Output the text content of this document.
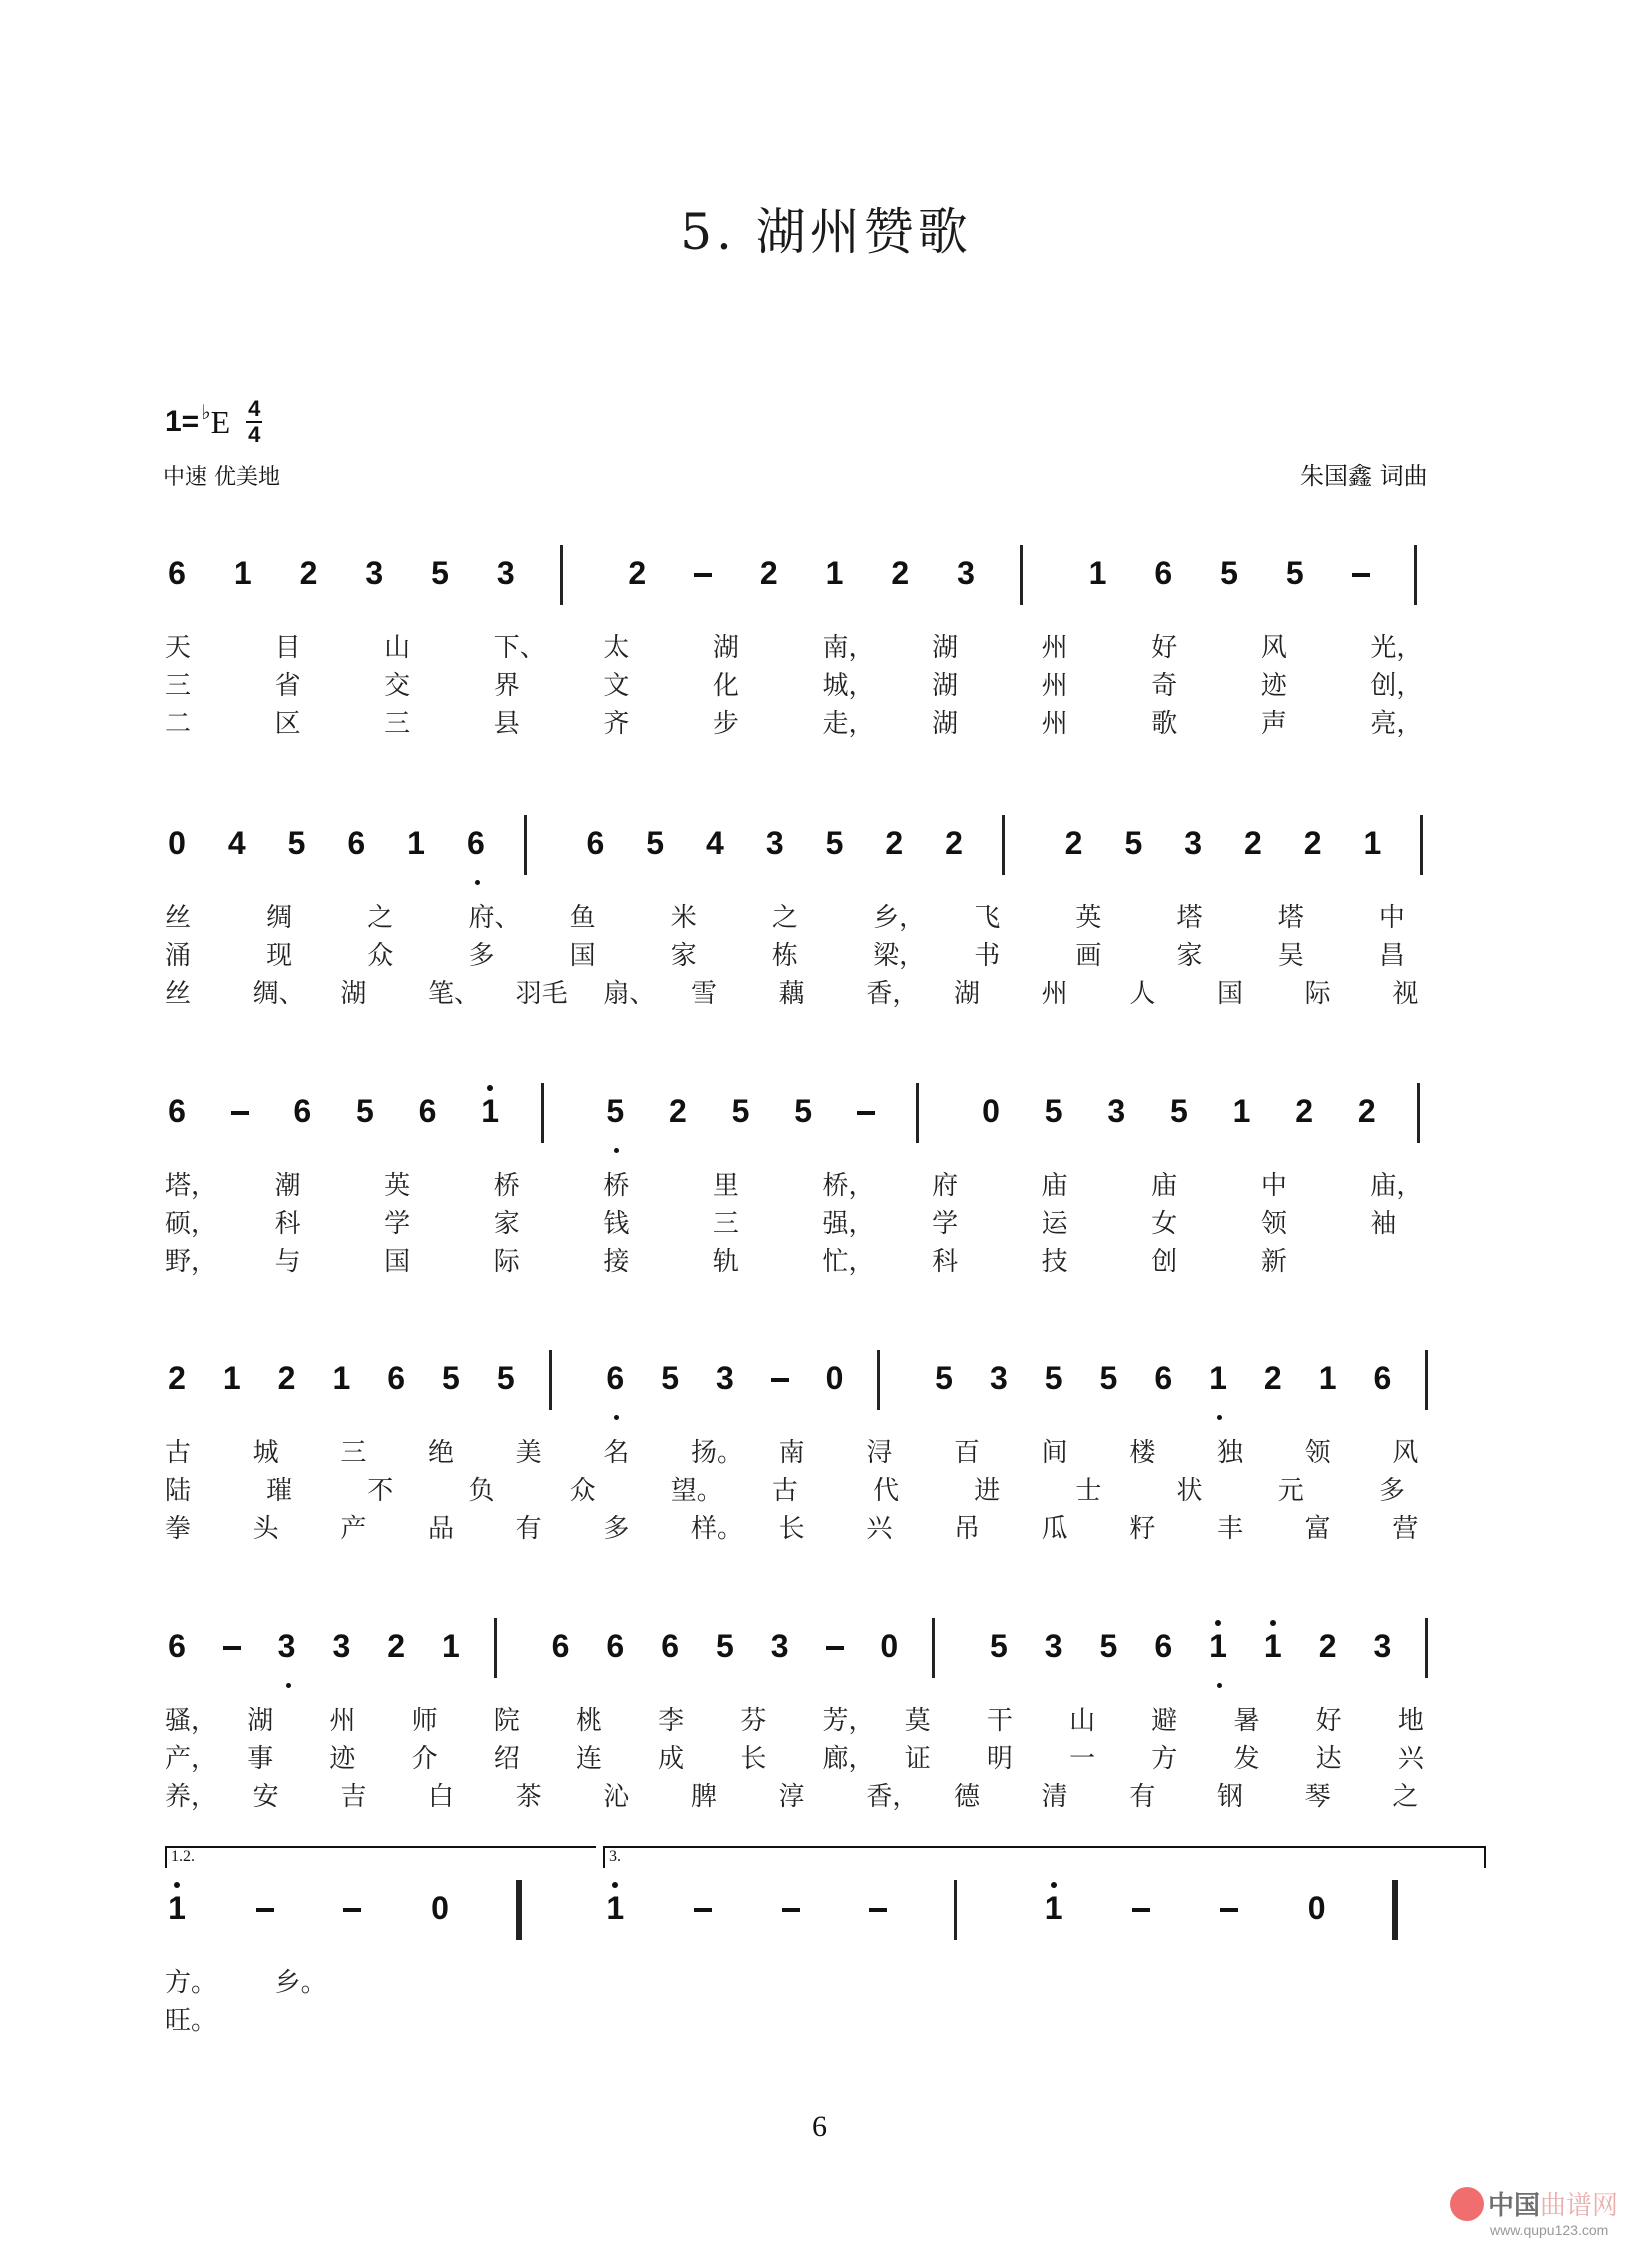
5. 湖州赞歌
1= ♭ E $\frac{4}{4}$
中速 优美地	朱国鑫 词曲
6 1 2 3 5 3	2	2 1 2 3	1 6 5 5
天	目	山	下、 太	湖	南， 湖	州	好	风	光，
三	省	交	界	文	化	城， 湖	州	奇	迹	创，
二	区	三	县	齐	步	走， 湖	州	歌	声	亮，
0 4 5 6 1 6	6 5 4 3 5 2 2	2 5 3 2 2 1
丝	绸	之	府、 鱼	米	之	乡， 飞	英	塔	塔	中
涌	现	众	多	国	家	栋	梁， 书	画	家	吴	昌
丝 绸、 湖 笔、 羽毛 扇、 雪 藕 香， 湖 州 人 国 际 视
6	6 5 6 1	5 2 5 5	0 5 3 5 1 2 2
塔， 潮	英	桥	桥	里	桥， 府	庙	庙	中	庙，
硕， 科	学	家	钱	三	强， 学	运	女	领	袖
野， 与	国	际	接	轨	忙， 科	技	创	新
2 1 2 1 6 5 5	6 5 3	0	5 3 5 5 6 1 2 1 6
古 城 三 绝 美 名 扬。 南 浔 百 间 楼 独 领 风
陆	璀	不	负	众	望。 古	代	进	士	状	元	多
拳 头 产 品 有 多 样。 长 兴 吊 瓜 籽 丰 富 营
6	3 3 2 1	6 6 6 5 3	0	5 3 5 6 1 1 2 3
骚， 湖 州 师 院 桃 李 芬 芳， 莫 干 山 避 暑 好 地
产， 事 迹 介 绍 连 成 长 廊， 证 明 一 方 发 达 兴
养， 安 吉 白 茶 沁 脾 淳 香， 德 清 有 钢 琴 之
1	0	1	1	0
方。 乡。
旺。
1.2.	3.
6
中国 曲谱网
www.qupu123.com
